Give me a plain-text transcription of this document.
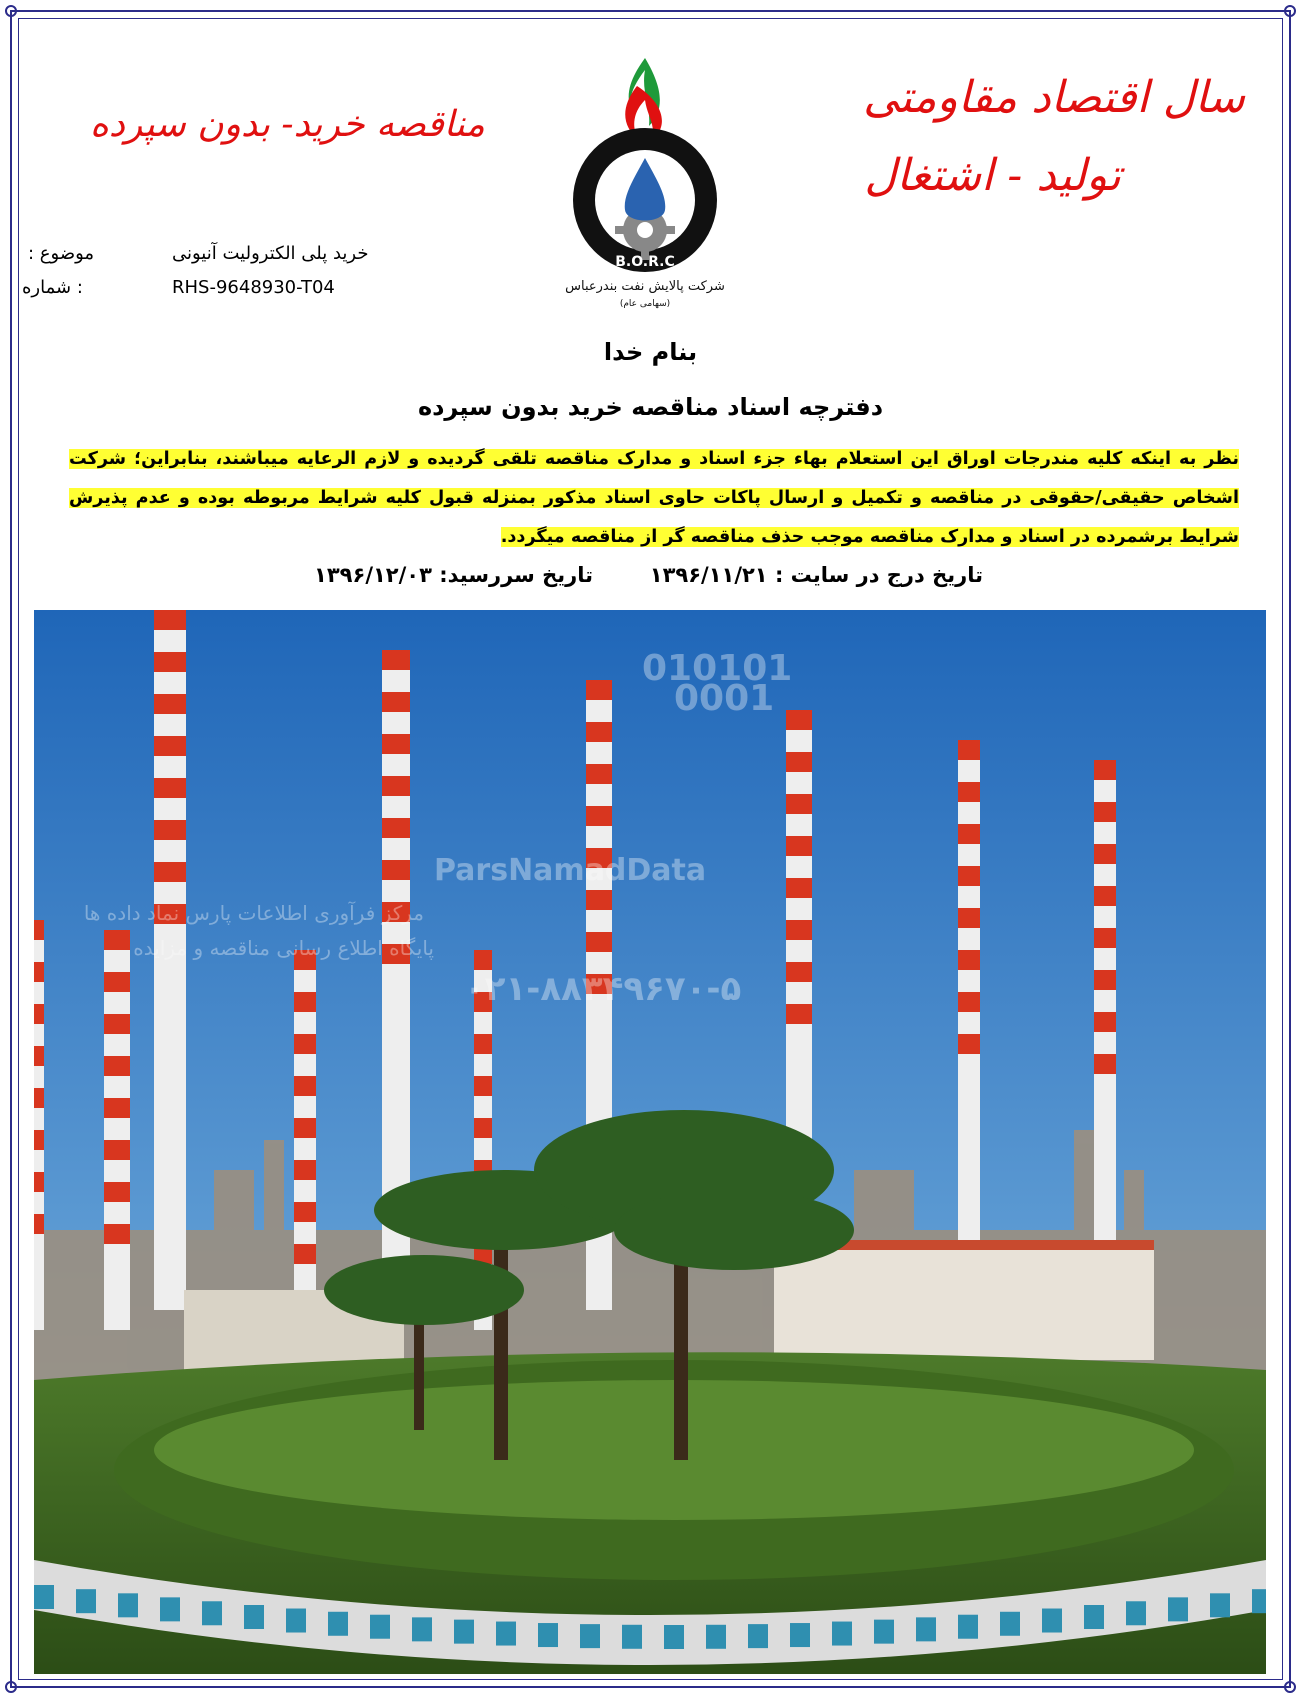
سال اقتصاد مقاومتی
تولید - اشتغال
مناقصه خرید- بدون سپرده
B.O.R.C
شرکت پالایش نفت بندرعباس
(سهامی عام)
موضوع :	خرید پلی الکترولیت آنیونی
: شماره	RHS-9648930-T04
بنام خدا
دفترچه اسناد مناقصه خرید بدون سپرده
نظر به اینکه کلیه مندرجات اوراق این استعلام بهاء جزء اسناد و مدارک مناقصه تلقی گردیده و لازم الرعایه میباشند، بنابراین؛ شرکت اشخاص حقیقی/حقوقی در مناقصه و تکمیل و ارسال پاکات حاوی اسناد مذکور بمنزله قبول کلیه شرایط مربوطه بوده و عدم پذیرش شرایط برشمرده در اسناد و مدارک مناقصه موجب حذف مناقصه گر از مناقصه میگردد.
تاریخ درج در سایت : ۱۳۹۶/۱۱/۲۱
تاریخ سررسید: ۱۳۹۶/۱۲/۰۳
010101
0001
ParsNamadData
مرکز فرآوری اطلاعات پارس نماد داده ها
پایگاه اطلاع رسانی مناقصه و مزایده
۰۲۱-۸۸۳۴۹۶۷۰-۵
